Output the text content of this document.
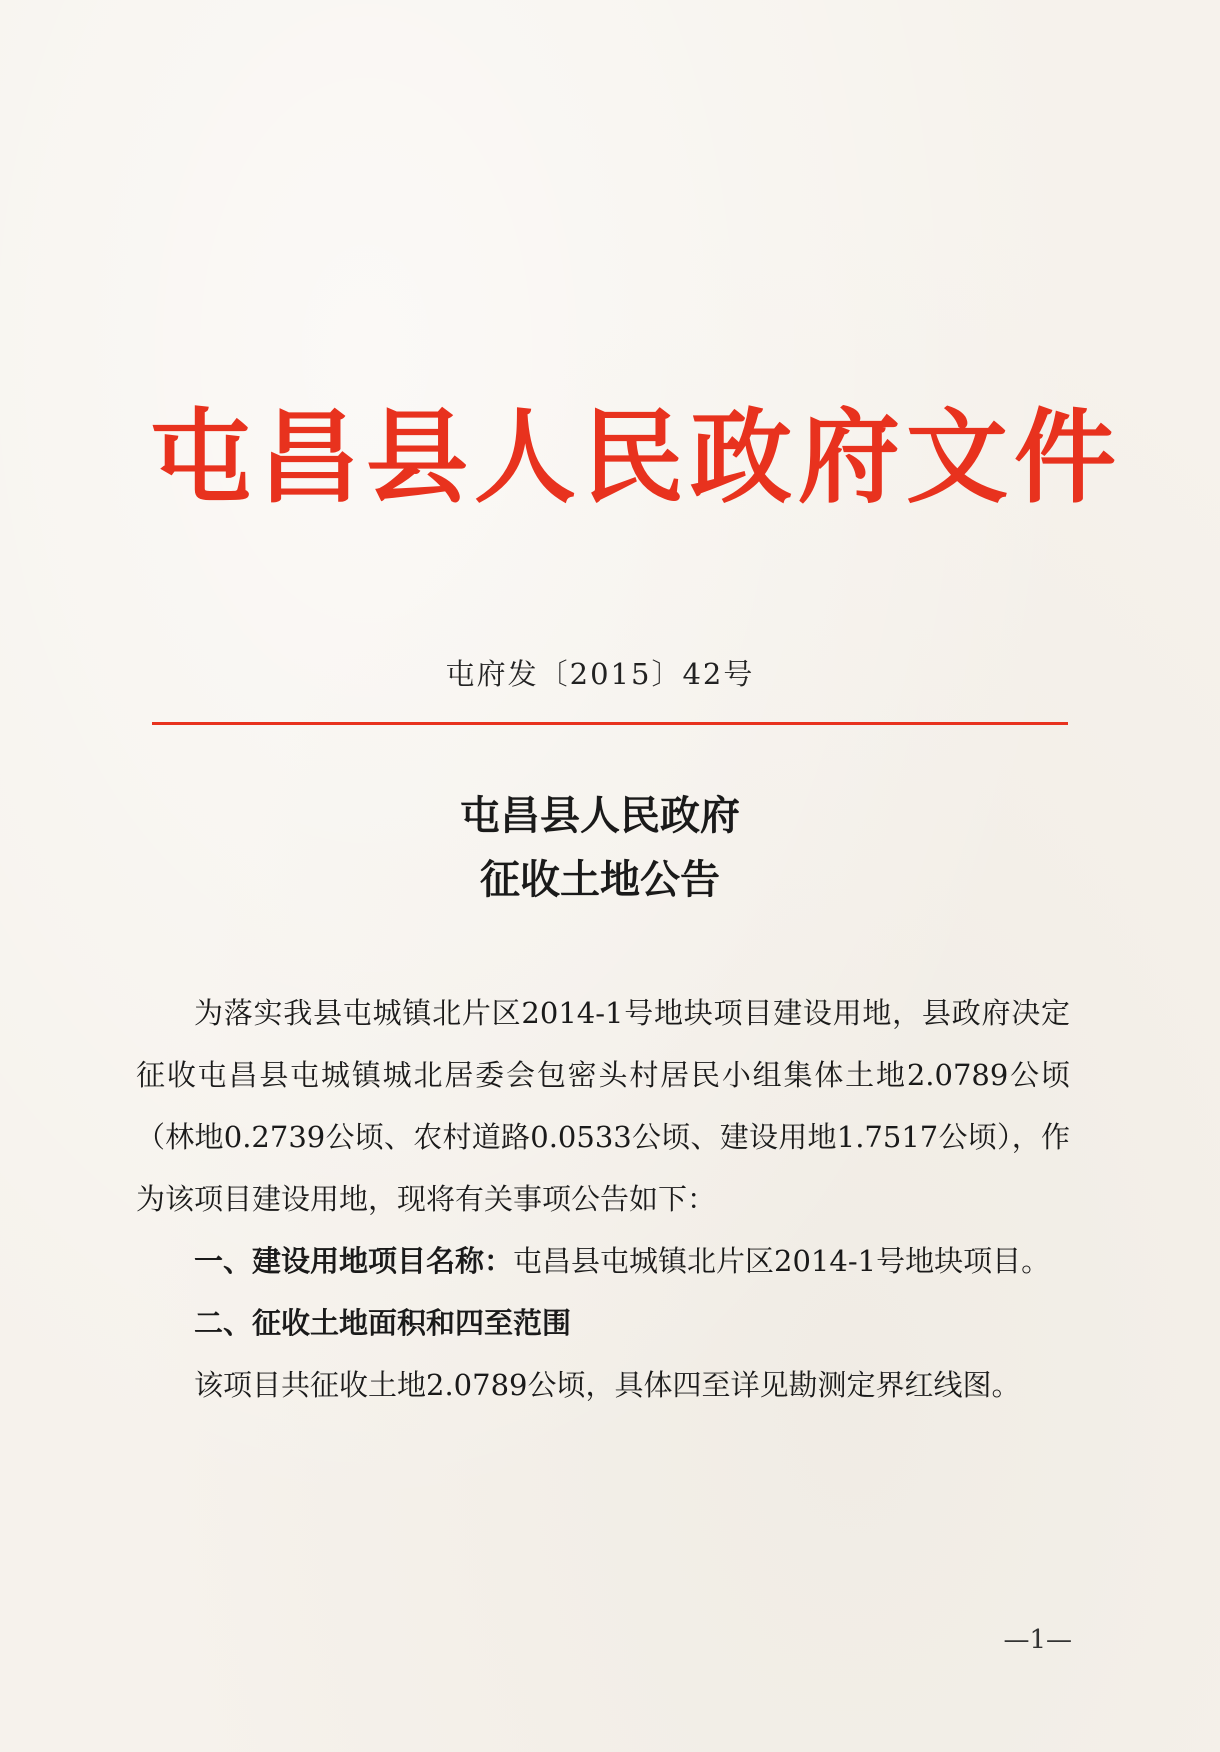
屯昌县人民政府文件
屯府发〔2015〕42号
屯昌县人民政府
征收土地公告

为落实我县屯城镇北片区2014-1号地块项目建设用地，县政府决定征收屯昌县屯城镇城北居委会包密头村居民小组集体土地2.0789公顷（林地0.2739公顷、农村道路0.0533公顷、建设用地1.7517公顷），作为该项目建设用地，现将有关事项公告如下：

一、建设用地项目名称：屯昌县屯城镇北片区2014-1号地块项目。

二、征收土地面积和四至范围

该项目共征收土地2.0789公顷，具体四至详见勘测定界红线图。

—1—
